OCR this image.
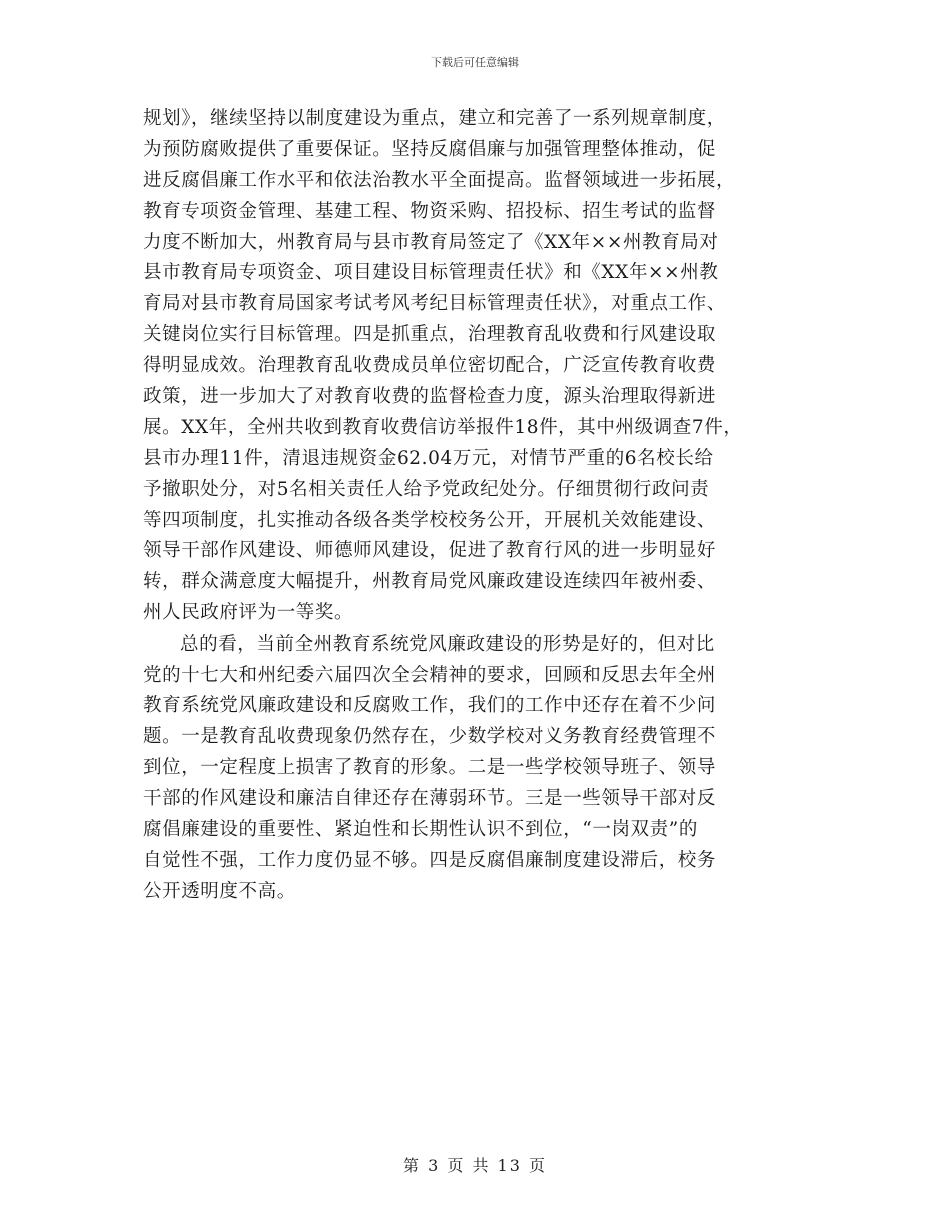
下载后可任意编辑
规划》，继续坚持以制度建设为重点，建立和完善了一系列规章制度，
为预防腐败提供了重要保证。坚持反腐倡廉与加强管理整体推动，促
进反腐倡廉工作水平和依法治教水平全面提高。监督领域进一步拓展，
教育专项资金管理、基建工程、物资采购、招投标、招生考试的监督
力度不断加大，州教育局与县市教育局签定了《XX年××州教育局对
县市教育局专项资金、项目建设目标管理责任状》和《XX年××州教
育局对县市教育局国家考试考风考纪目标管理责任状》，对重点工作、
关键岗位实行目标管理。四是抓重点，治理教育乱收费和行风建设取
得明显成效。治理教育乱收费成员单位密切配合，广泛宣传教育收费
政策，进一步加大了对教育收费的监督检查力度，源头治理取得新进
展。XX年，全州共收到教育收费信访举报件18件，其中州级调查7件，
县市办理11件，清退违规资金62.04万元，对情节严重的6名校长给
予撤职处分，对5名相关责任人给予党政纪处分。仔细贯彻行政问责
等四项制度，扎实推动各级各类学校校务公开，开展机关效能建设、
领导干部作风建设、师德师风建设，促进了教育行风的进一步明显好
转，群众满意度大幅提升，州教育局党风廉政建设连续四年被州委、
州人民政府评为一等奖。
总的看，当前全州教育系统党风廉政建设的形势是好的，但对比
党的十七大和州纪委六届四次全会精神的要求，回顾和反思去年全州
教育系统党风廉政建设和反腐败工作，我们的工作中还存在着不少问
题。一是教育乱收费现象仍然存在，少数学校对义务教育经费管理不
到位，一定程度上损害了教育的形象。二是一些学校领导班子、领导
干部的作风建设和廉洁自律还存在薄弱环节。三是一些领导干部对反
腐倡廉建设的重要性、紧迫性和长期性认识不到位，“一岗双责”的
自觉性不强，工作力度仍显不够。四是反腐倡廉制度建设滞后，校务
公开透明度不高。
第 3 页 共 13 页
